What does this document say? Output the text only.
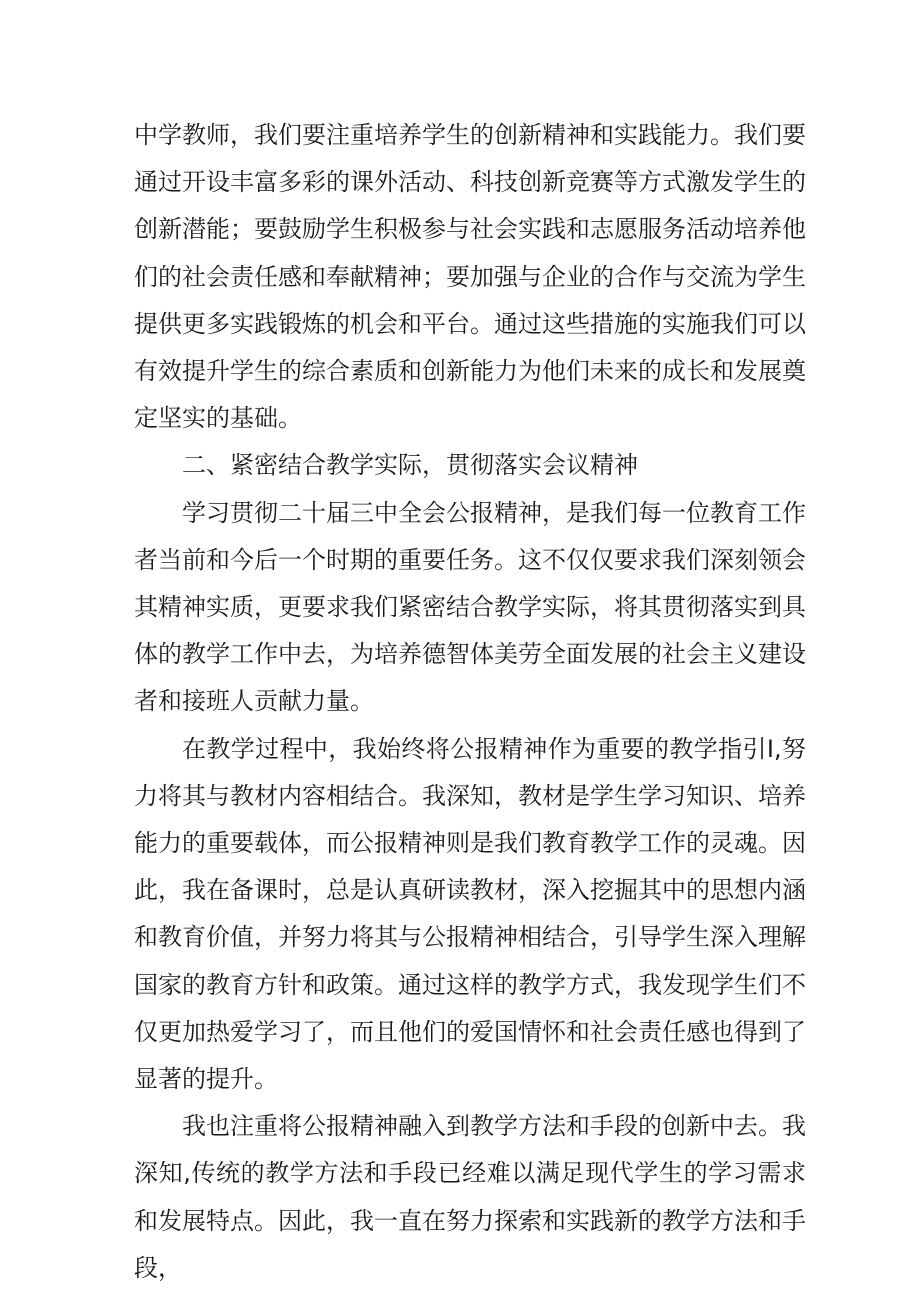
中学教师，我们要注重培养学生的创新精神和实践能力。我们要通过开设丰富多彩的课外活动、科技创新竞赛等方式激发学生的创新潜能；要鼓励学生积极参与社会实践和志愿服务活动培养他们的社会责任感和奉献精神；要加强与企业的合作与交流为学生提供更多实践锻炼的机会和平台。通过这些措施的实施我们可以有效提升学生的综合素质和创新能力为他们未来的成长和发展奠定坚实的基础。

二、紧密结合教学实际，贯彻落实会议精神

学习贯彻二十届三中全会公报精神，是我们每一位教育工作者当前和今后一个时期的重要任务。这不仅仅要求我们深刻领会其精神实质，更要求我们紧密结合教学实际，将其贯彻落实到具体的教学工作中去，为培养德智体美劳全面发展的社会主义建设者和接班人贡献力量。

在教学过程中，我始终将公报精神作为重要的教学指引I,努力将其与教材内容相结合。我深知，教材是学生学习知识、培养能力的重要载体，而公报精神则是我们教育教学工作的灵魂。因此，我在备课时，总是认真研读教材，深入挖掘其中的思想内涵和教育价值，并努力将其与公报精神相结合，引导学生深入理解国家的教育方针和政策。通过这样的教学方式，我发现学生们不仅更加热爱学习了，而且他们的爱国情怀和社会责任感也得到了显著的提升。

我也注重将公报精神融入到教学方法和手段的创新中去。我深知,传统的教学方法和手段已经难以满足现代学生的学习需求和发展特点。因此，我一直在努力探索和实践新的教学方法和手段，
